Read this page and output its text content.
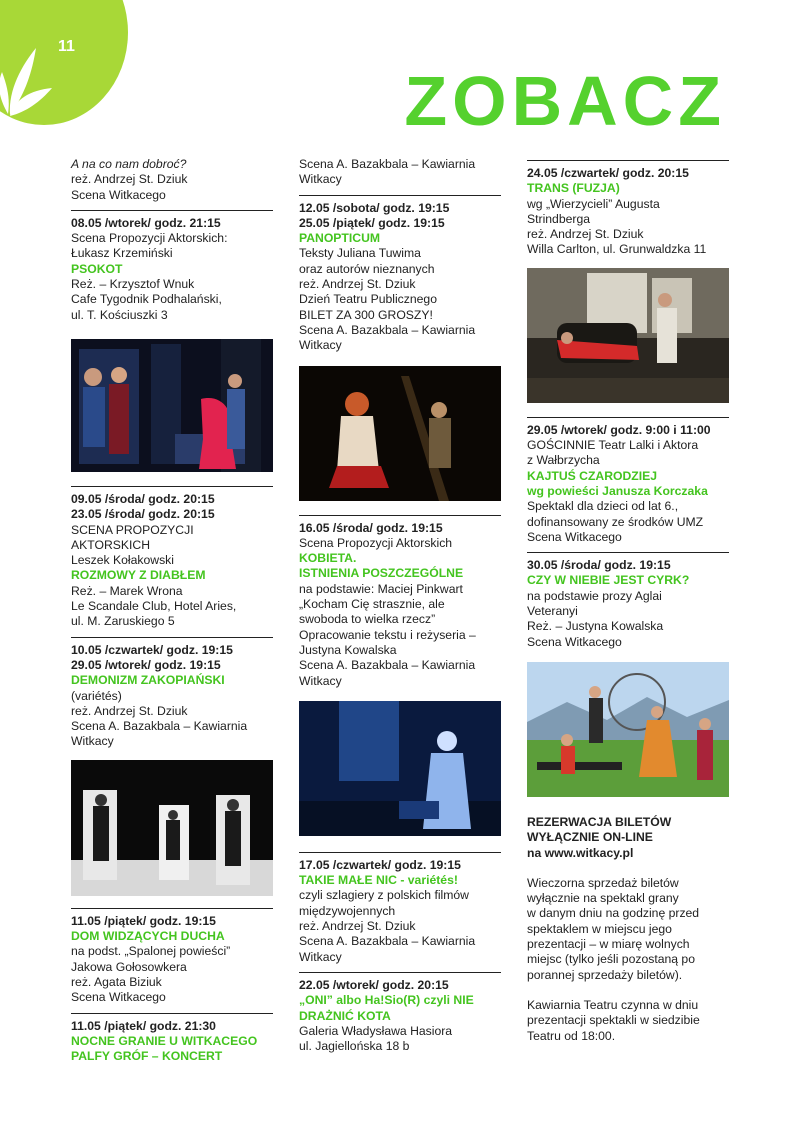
11
ZOBACZ
A na co nam dobroć?
reż. Andrzej St. Dziuk
Scena Witkacego
08.05 /wtorek/ godz. 21:15
Scena Propozycji Aktorskich:
Łukasz Krzemiński
PSOKOT
Reż. – Krzysztof Wnuk
Cafe Tygodnik Podhalański,
ul. T. Kościuszki 3
09.05 /środa/ godz. 20:15
23.05 /środa/ godz. 20:15
SCENA PROPOZYCJI AKTORSKICH
Leszek Kołakowski
ROZMOWY Z DIABŁEM
Reż. – Marek Wrona
Le Scandale Club, Hotel Aries,
ul. M. Zaruskiego 5
10.05 /czwartek/ godz. 19:15
29.05 /wtorek/ godz. 19:15
DEMONIZM ZAKOPIAŃSKI
(variétés)
reż. Andrzej St. Dziuk
Scena A. Bazakbala – Kawiarnia
Witkacy
11.05 /piątek/ godz. 19:15
DOM WIDZĄCYCH DUCHA
na podst. „Spalonej powieści”
Jakowa Gołosowkera
reż. Agata Biziuk
Scena Witkacego
11.05 /piątek/ godz. 21:30
NOCNE GRANIE U WITKACEGO
PALFY GRÓF – KONCERT
Scena A. Bazakbala – Kawiarnia
Witkacy
12.05 /sobota/ godz. 19:15
25.05 /piątek/ godz. 19:15
PANOPTICUM
Teksty Juliana Tuwima
oraz autorów nieznanych
reż. Andrzej St. Dziuk
Dzień Teatru Publicznego
BILET ZA 300 GROSZY!
Scena A. Bazakbala – Kawiarnia
Witkacy
16.05 /środa/ godz. 19:15
Scena Propozycji Aktorskich
KOBIETA.
ISTNIENIA POSZCZEGÓLNE
na podstawie: Maciej Pinkwart
„Kocham Cię strasznie, ale
swoboda to wielka rzecz”
Opracowanie tekstu i reżyseria –
Justyna Kowalska
Scena A. Bazakbala – Kawiarnia
Witkacy
17.05 /czwartek/ godz. 19:15
TAKIE MAŁE NIC - variétés!
czyli szlagiery z polskich filmów
międzywojennych
reż. Andrzej St. Dziuk
Scena A. Bazakbala – Kawiarnia
Witkacy
22.05 /wtorek/ godz. 20:15
„ONI” albo Ha!Sio(R) czyli NIE
DRAŻNIĆ KOTA
Galeria Władysława Hasiora
ul. Jagiellońska 18 b
24.05 /czwartek/ godz. 20:15
TRANS (FUZJA)
wg „Wierzycieli” Augusta
Strindberga
reż. Andrzej St. Dziuk
Willa Carlton, ul. Grunwaldzka 11
29.05 /wtorek/ godz. 9:00 i 11:00
GOŚCINNIE Teatr Lalki i Aktora
z Wałbrzycha
KAJTUŚ CZARODZIEJ
wg powieści Janusza Korczaka
Spektakl dla dzieci od lat 6.,
dofinansowany ze środków UMZ
Scena Witkacego
30.05 /środa/ godz. 19:15
CZY W NIEBIE JEST CYRK?
na podstawie prozy Aglai
Veteranyi
Reż. – Justyna Kowalska
Scena Witkacego
REZERWACJA BILETÓW
WYŁĄCZNIE ON-LINE
na www.witkacy.pl
Wieczorna sprzedaż biletów
wyłącznie na spektakl grany
w danym dniu na godzinę przed
spektaklem w miejscu jego
prezentacji – w miarę wolnych
miejsc (tylko jeśli pozostaną po
porannej sprzedaży biletów).
Kawiarnia Teatru czynna w dniu
prezentacji spektakli w siedzibie
Teatru od 18:00.
